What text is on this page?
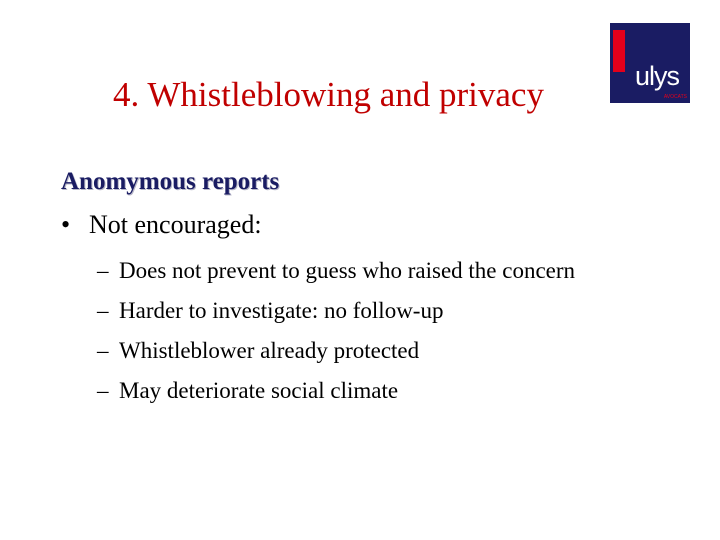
4. Whistleblowing and privacy	ulys
AVOCATS
Anomymous reports
• Not encouraged:
– Does not prevent to guess who raised the concern
– Harder to investigate: no follow-up
– Whistleblower already protected
– May deteriorate social climate
